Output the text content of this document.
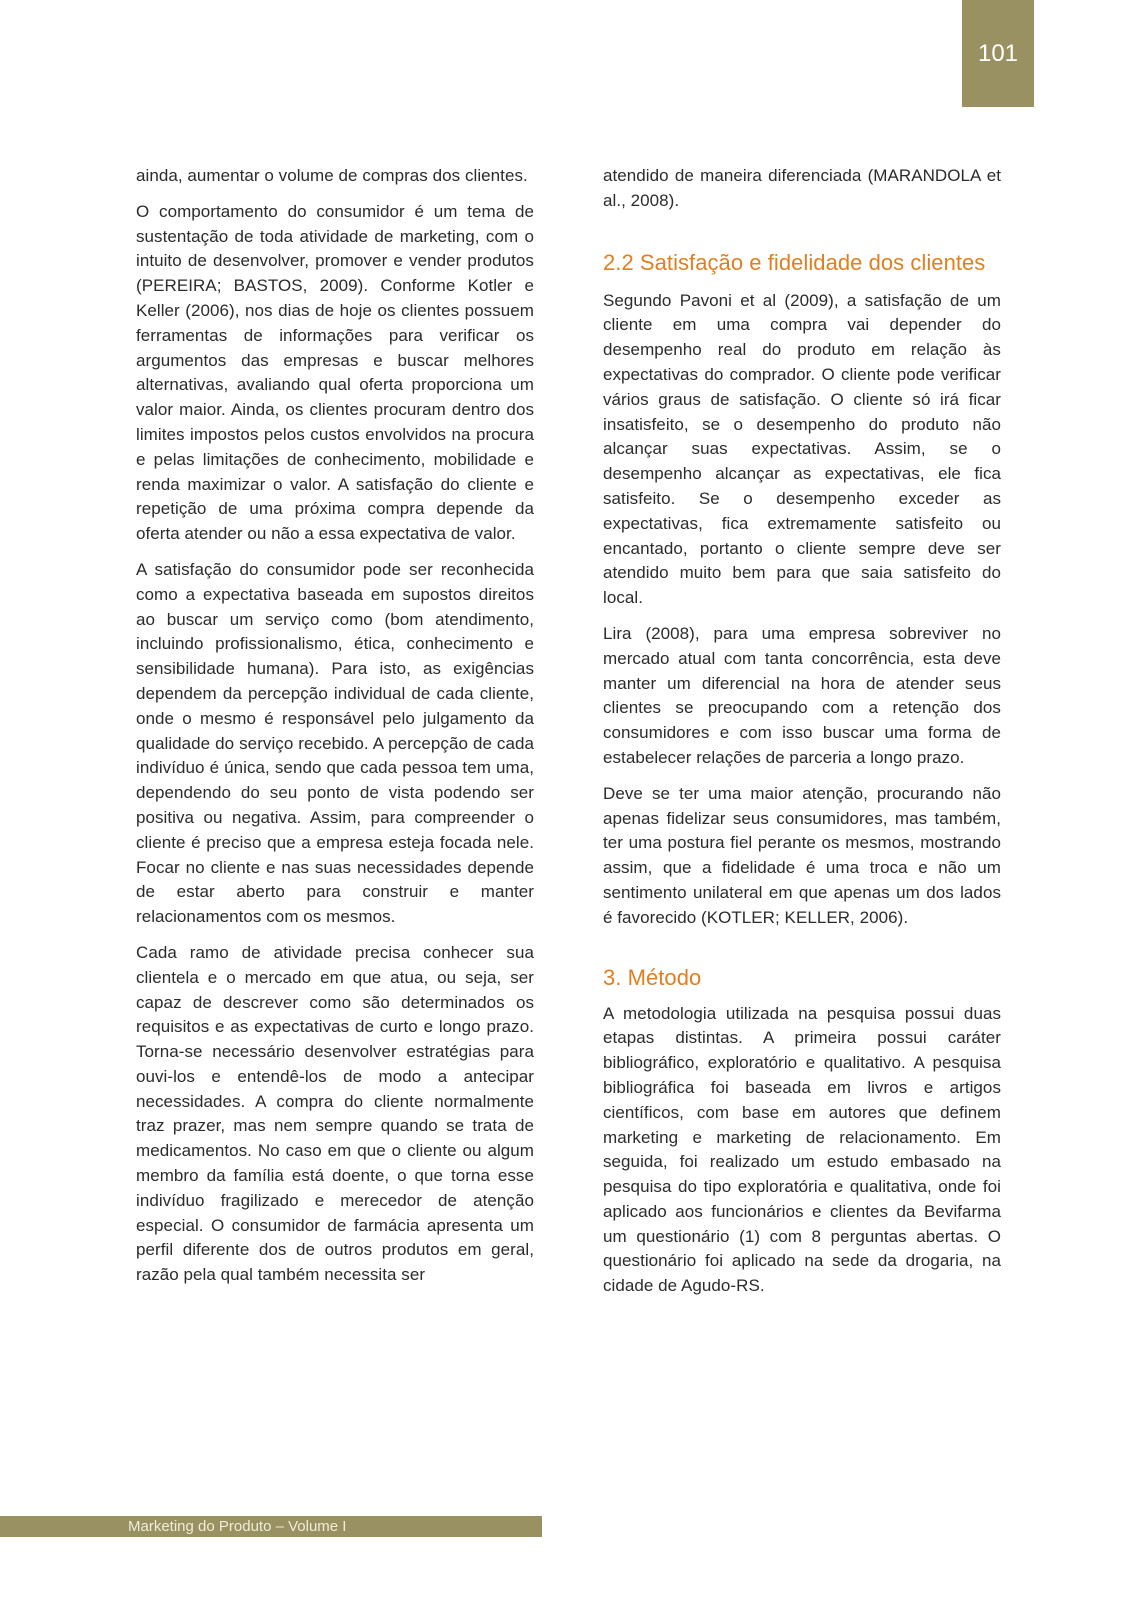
101

ainda, aumentar o volume de compras dos clientes.

O comportamento do consumidor é um tema de sustentação de toda atividade de marketing, com o intuito de desenvolver, promover e vender produtos (PEREIRA; BASTOS, 2009). Conforme Kotler e Keller (2006), nos dias de hoje os clientes possuem ferramentas de informações para verificar os argumentos das empresas e buscar melhores alternativas, avaliando qual oferta proporciona um valor maior. Ainda, os clientes procuram dentro dos limites impostos pelos custos envolvidos na procura e pelas limitações de conhecimento, mobilidade e renda maximizar o valor. A satisfação do cliente e repetição de uma próxima compra depende da oferta atender ou não a essa expectativa de valor.

A satisfação do consumidor pode ser reconhecida como a expectativa baseada em supostos direitos ao buscar um serviço como (bom atendimento, incluindo profissionalismo, ética, conhecimento e sensibilidade humana). Para isto, as exigências dependem da percepção individual de cada cliente, onde o mesmo é responsável pelo julgamento da qualidade do serviço recebido. A percepção de cada indivíduo é única, sendo que cada pessoa tem uma, dependendo do seu ponto de vista podendo ser positiva ou negativa. Assim, para compreender o cliente é preciso que a empresa esteja focada nele. Focar no cliente e nas suas necessidades depende de estar aberto para construir e manter relacionamentos com os mesmos.

Cada ramo de atividade precisa conhecer sua clientela e o mercado em que atua, ou seja, ser capaz de descrever como são determinados os requisitos e as expectativas de curto e longo prazo. Torna-se necessário desenvolver estratégias para ouvi-los e entendê-los de modo a antecipar necessidades. A compra do cliente normalmente traz prazer, mas nem sempre quando se trata de medicamentos. No caso em que o cliente ou algum membro da família está doente, o que torna esse indivíduo fragilizado e merecedor de atenção especial. O consumidor de farmácia apresenta um perfil diferente dos de outros produtos em geral, razão pela qual também necessita ser

atendido de maneira diferenciada (MARANDOLA et al., 2008).

2.2 Satisfação e fidelidade dos clientes

Segundo Pavoni et al (2009), a satisfação de um cliente em uma compra vai depender do desempenho real do produto em relação às expectativas do comprador. O cliente pode verificar vários graus de satisfação. O cliente só irá ficar insatisfeito, se o desempenho do produto não alcançar suas expectativas. Assim, se o desempenho alcançar as expectativas, ele fica satisfeito. Se o desempenho exceder as expectativas, fica extremamente satisfeito ou encantado, portanto o cliente sempre deve ser atendido muito bem para que saia satisfeito do local.

Lira (2008), para uma empresa sobreviver no mercado atual com tanta concorrência, esta deve manter um diferencial na hora de atender seus clientes se preocupando com a retenção dos consumidores e com isso buscar uma forma de estabelecer relações de parceria a longo prazo.

Deve se ter uma maior atenção, procurando não apenas fidelizar seus consumidores, mas também, ter uma postura fiel perante os mesmos, mostrando assim, que a fidelidade é uma troca e não um sentimento unilateral em que apenas um dos lados é favorecido (KOTLER; KELLER, 2006).

3. Método

A metodologia utilizada na pesquisa possui duas etapas distintas. A primeira possui caráter bibliográfico, exploratório e qualitativo. A pesquisa bibliográfica foi baseada em livros e artigos científicos, com base em autores que definem marketing e marketing de relacionamento. Em seguida, foi realizado um estudo embasado na pesquisa do tipo exploratória e qualitativa, onde foi aplicado aos funcionários e clientes da Bevifarma um questionário (1) com 8 perguntas abertas. O questionário foi aplicado na sede da drogaria, na cidade de Agudo-RS.

Marketing do Produto – Volume I
